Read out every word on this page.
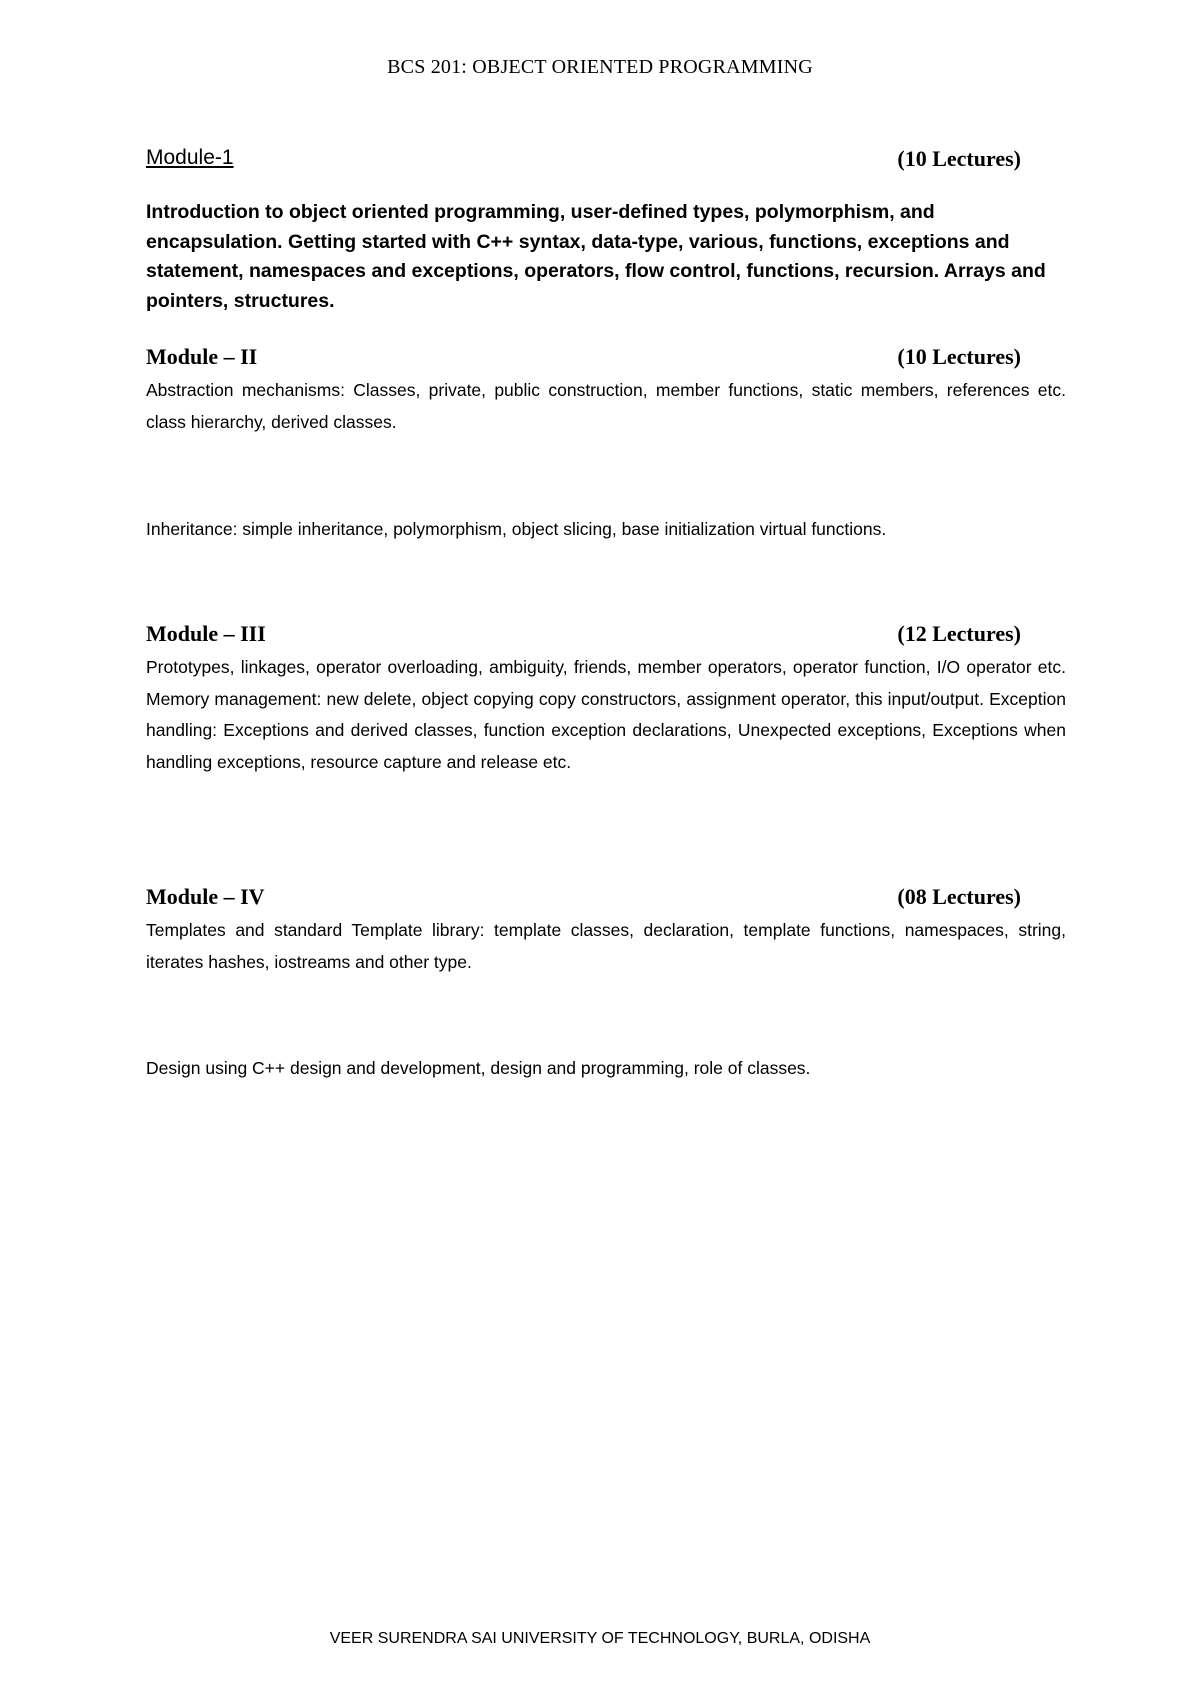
BCS 201: OBJECT ORIENTED PROGRAMMING
Module-1	(10 Lectures)

Introduction to object oriented programming, user-defined types, polymorphism, and encapsulation. Getting started with C++ syntax, data-type, various, functions, exceptions and statement, namespaces and exceptions, operators, flow control, functions, recursion. Arrays and pointers, structures.

Module – II	(10 Lectures)

Abstraction mechanisms: Classes, private, public construction, member functions, static members, references etc. class hierarchy, derived classes.

Inheritance: simple inheritance, polymorphism, object slicing, base initialization virtual functions.

Module – III	(12 Lectures)

Prototypes, linkages, operator overloading, ambiguity, friends, member operators, operator function, I/O operator etc. Memory management: new delete, object copying copy constructors, assignment operator, this input/output. Exception handling: Exceptions and derived classes, function exception declarations, Unexpected exceptions, Exceptions when handling exceptions, resource capture and release etc.

Module – IV	(08 Lectures)

Templates and standard Template library: template classes, declaration, template functions, namespaces, string, iterates hashes, iostreams and other type.

Design using C++ design and development, design and programming, role of classes.

VEER SURENDRA SAI UNIVERSITY OF TECHNOLOGY, BURLA, ODISHA
